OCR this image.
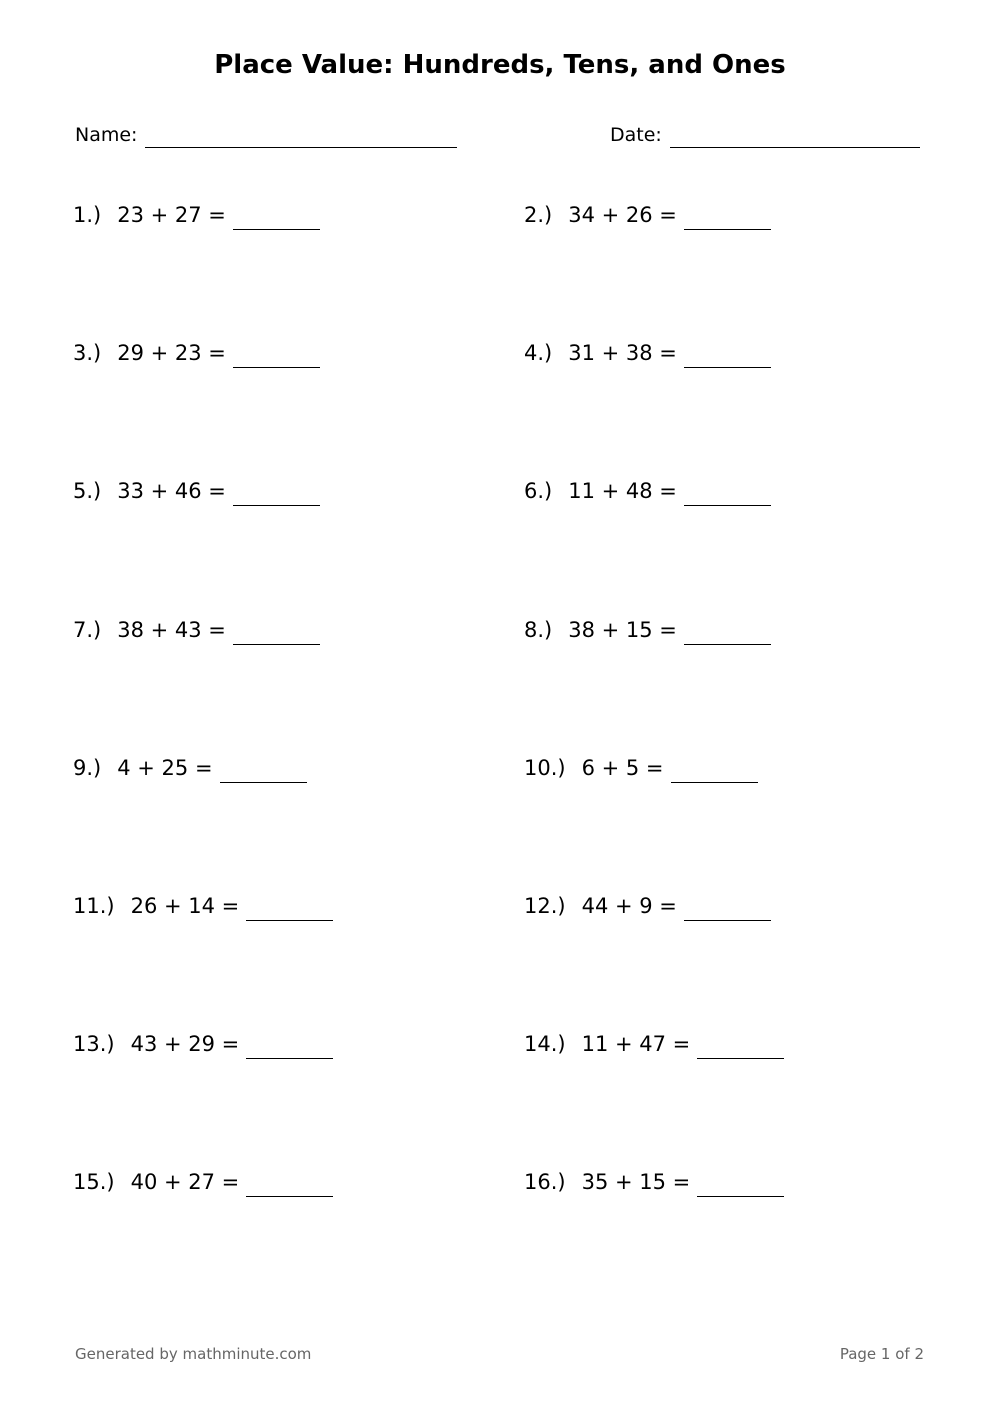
Place Value: Hundreds, Tens, and Ones
Name:	Date:
1.) 23 + 27 =	2.) 34 + 26 =
3.) 29 + 23 =	4.) 31 + 38 =
5.) 33 + 46 =	6.) 11 + 48 =
7.) 38 + 43 =	8.) 38 + 15 =
9.) 4 + 25 =	10.) 6 + 5 =
11.) 26 + 14 =	12.) 44 + 9 =
13.) 43 + 29 =	14.) 11 + 47 =
15.) 40 + 27 =	16.) 35 + 15 =
Generated by mathminute.com	Page 1 of 2
